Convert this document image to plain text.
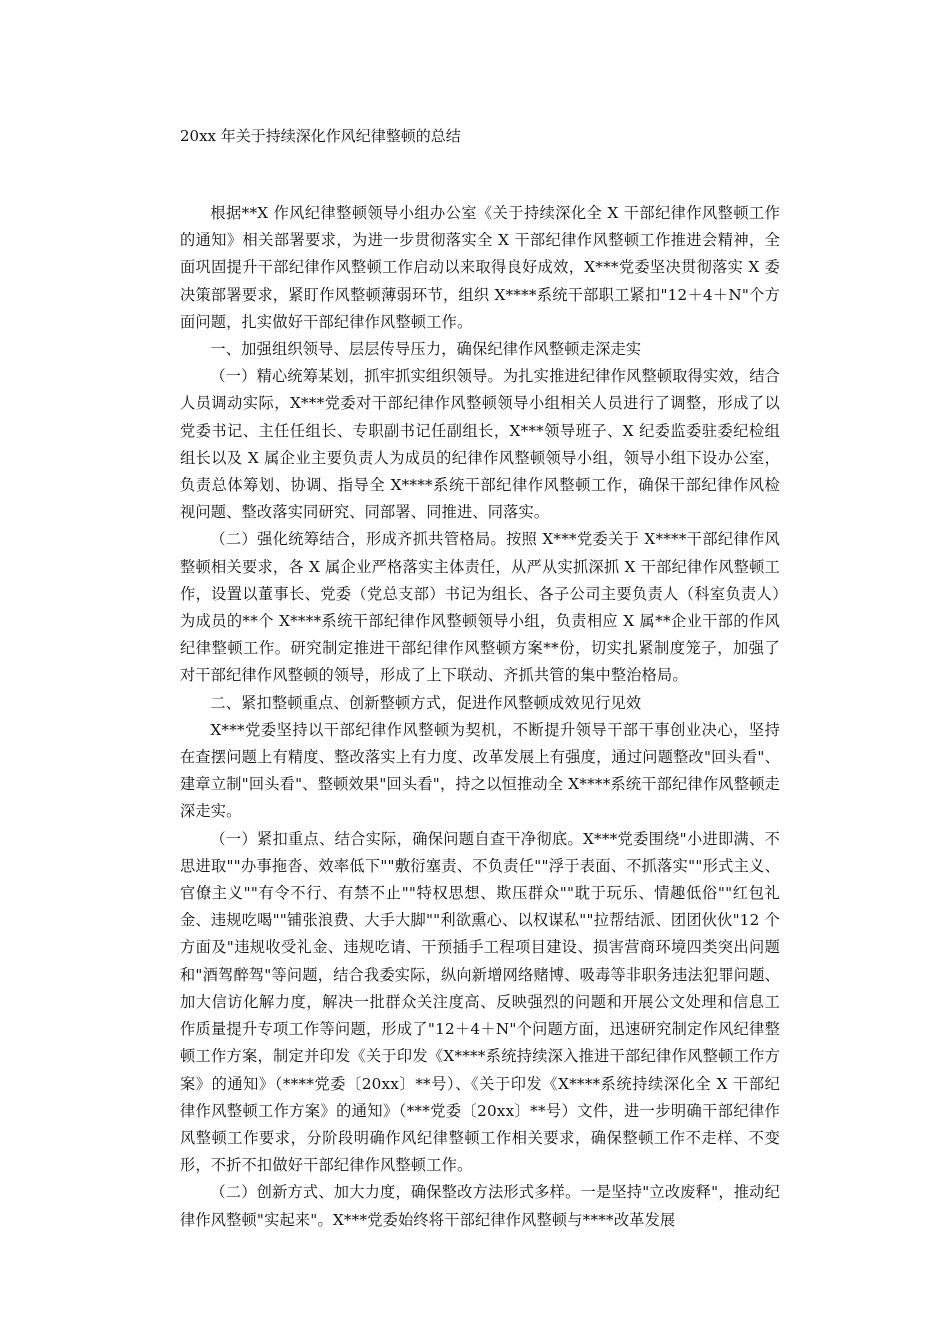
20xx 年关于持续深化作风纪律整顿的总结

根据**X 作风纪律整顿领导小组办公室《关于持续深化全 X 干部纪律作风整顿工作的通知》相关部署要求，为进一步贯彻落实全 X 干部纪律作风整顿工作推进会精神，全面巩固提升干部纪律作风整顿工作启动以来取得良好成效，X***党委坚决贯彻落实 X 委决策部署要求，紧盯作风整顿薄弱环节，组织 X****系统干部职工紧扣"12＋4＋N"个方面问题，扎实做好干部纪律作风整顿工作。

一、加强组织领导、层层传导压力，确保纪律作风整顿走深走实

（一）精心统筹某划，抓牢抓实组织领导。为扎实推进纪律作风整顿取得实效，结合人员调动实际，X***党委对干部纪律作风整顿领导小组相关人员进行了调整，形成了以党委书记、主任任组长、专职副书记任副组长，X***领导班子、X 纪委监委驻委纪检组组长以及 X 属企业主要负责人为成员的纪律作风整顿领导小组，领导小组下设办公室，负责总体筹划、协调、指导全 X****系统干部纪律作风整顿工作，确保干部纪律作风检视问题、整改落实同研究、同部署、同推进、同落实。

（二）强化统筹结合，形成齐抓共管格局。按照 X***党委关于 X****干部纪律作风整顿相关要求，各 X 属企业严格落实主体责任，从严从实抓深抓 X 干部纪律作风整顿工作，设置以董事长、党委（党总支部）书记为组长、各子公司主要负责人（科室负责人）为成员的**个 X****系统干部纪律作风整顿领导小组，负责相应 X 属**企业干部的作风纪律整顿工作。研究制定推进干部纪律作风整顿方案**份，切实扎紧制度笼子，加强了对干部纪律作风整顿的领导，形成了上下联动、齐抓共管的集中整治格局。

二、紧扣整顿重点、创新整顿方式，促进作风整顿成效见行见效

X***党委坚持以干部纪律作风整顿为契机，不断提升领导干部干事创业决心，坚持在查摆问题上有精度、整改落实上有力度、改革发展上有强度，通过问题整改"回头看"、建章立制"回头看"、整顿效果"回头看"，持之以恒推动全 X****系统干部纪律作风整顿走深走实。

（一）紧扣重点、结合实际，确保问题自查干净彻底。X***党委围绕"小进即满、不思进取""办事拖沓、效率低下""敷衍塞责、不负责任""浮于表面、不抓落实""形式主义、官僚主义""有令不行、有禁不止""特权思想、欺压群众""耽于玩乐、情趣低俗""红包礼金、违规吃喝""铺张浪费、大手大脚""利欲熏心、以权谋私""拉帮结派、团团伙伙"12 个方面及"违规收受礼金、违规吃请、干预插手工程项目建设、损害营商环境四类突出问题和"酒驾醉驾"等问题，结合我委实际，纵向新增网络赌博、吸毒等非职务违法犯罪问题、加大信访化解力度，解决一批群众关注度高、反映强烈的问题和开展公文处理和信息工作质量提升专项工作等问题，形成了"12＋4＋N"个问题方面，迅速研究制定作风纪律整顿工作方案，制定并印发《关于印发《X****系统持续深入推进干部纪律作风整顿工作方案》的通知》（****党委〔20xx〕**号）、《关于印发《X****系统持续深化全 X 干部纪律作风整顿工作方案》的通知》（***党委〔20xx〕**号）文件，进一步明确干部纪律作风整顿工作要求，分阶段明确作风纪律整顿工作相关要求，确保整顿工作不走样、不变形，不折不扣做好干部纪律作风整顿工作。

（二）创新方式、加大力度，确保整改方法形式多样。一是坚持"立改废释"，推动纪律作风整顿"实起来"。X***党委始终将干部纪律作风整顿与****改革发展
